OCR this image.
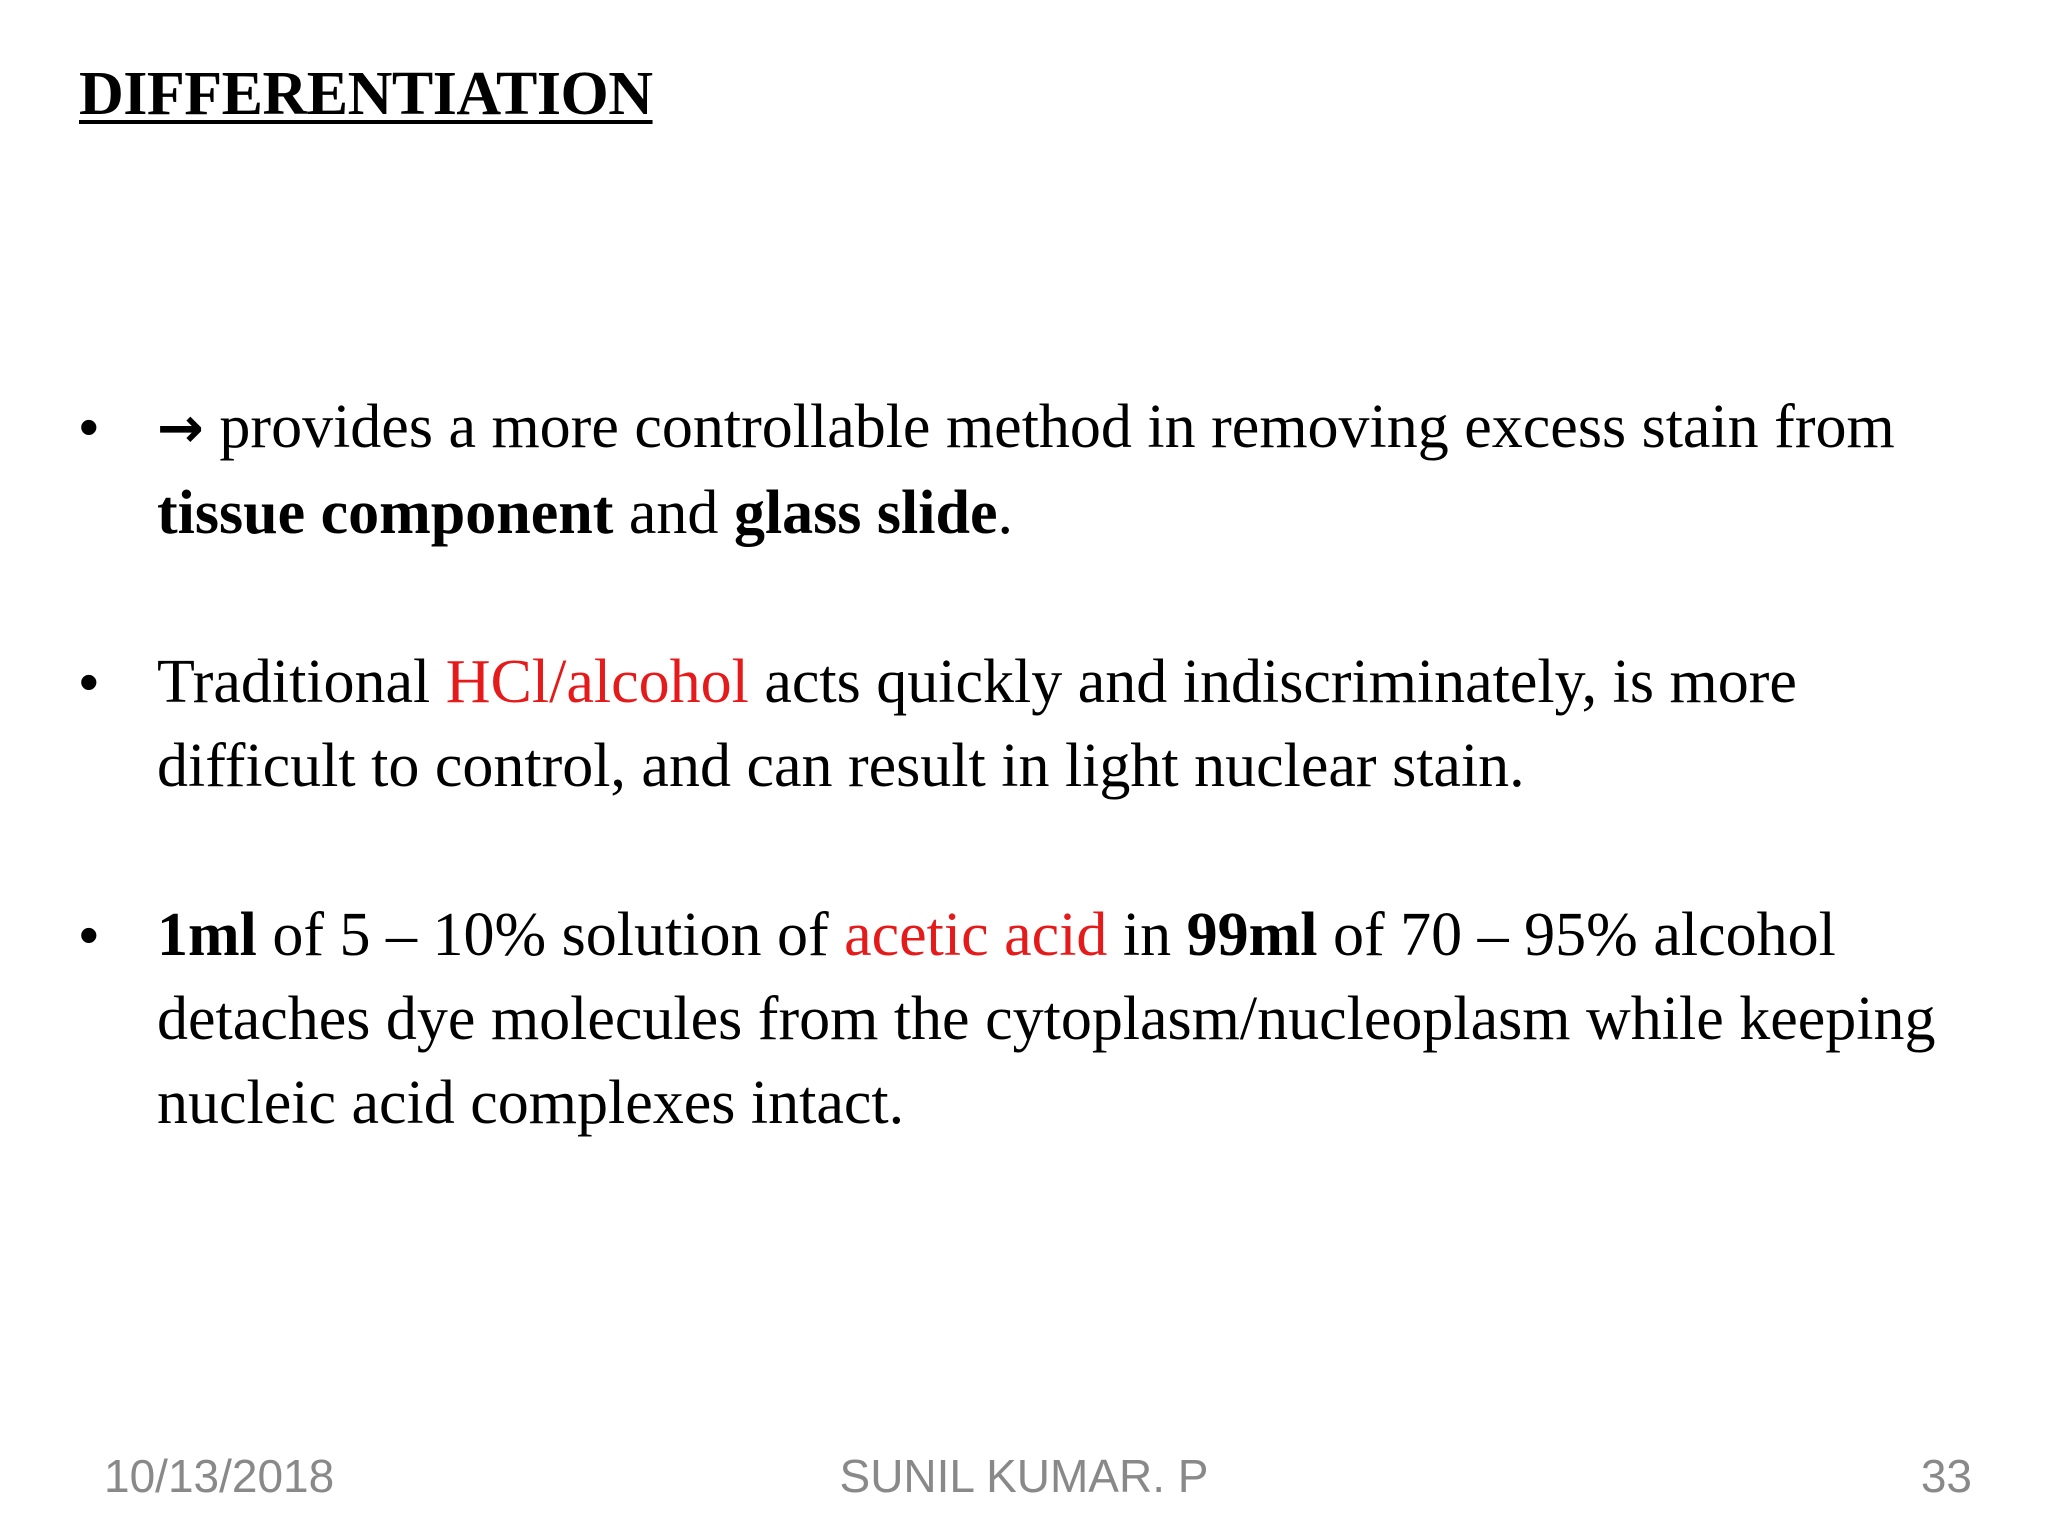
DIFFERENTIATION
• → provides a more controllable method in removing excess stain from tissue component and glass slide.
• Traditional HCl/alcohol acts quickly and indiscriminately, is more difficult to control, and can result in light nuclear stain.
• 1ml of 5 – 10% solution of acetic acid in 99ml of 70 – 95% alcohol detaches dye molecules from the cytoplasm/nucleoplasm while keeping nucleic acid complexes intact.
SUNIL KUMAR. P
10/13/2018	33
